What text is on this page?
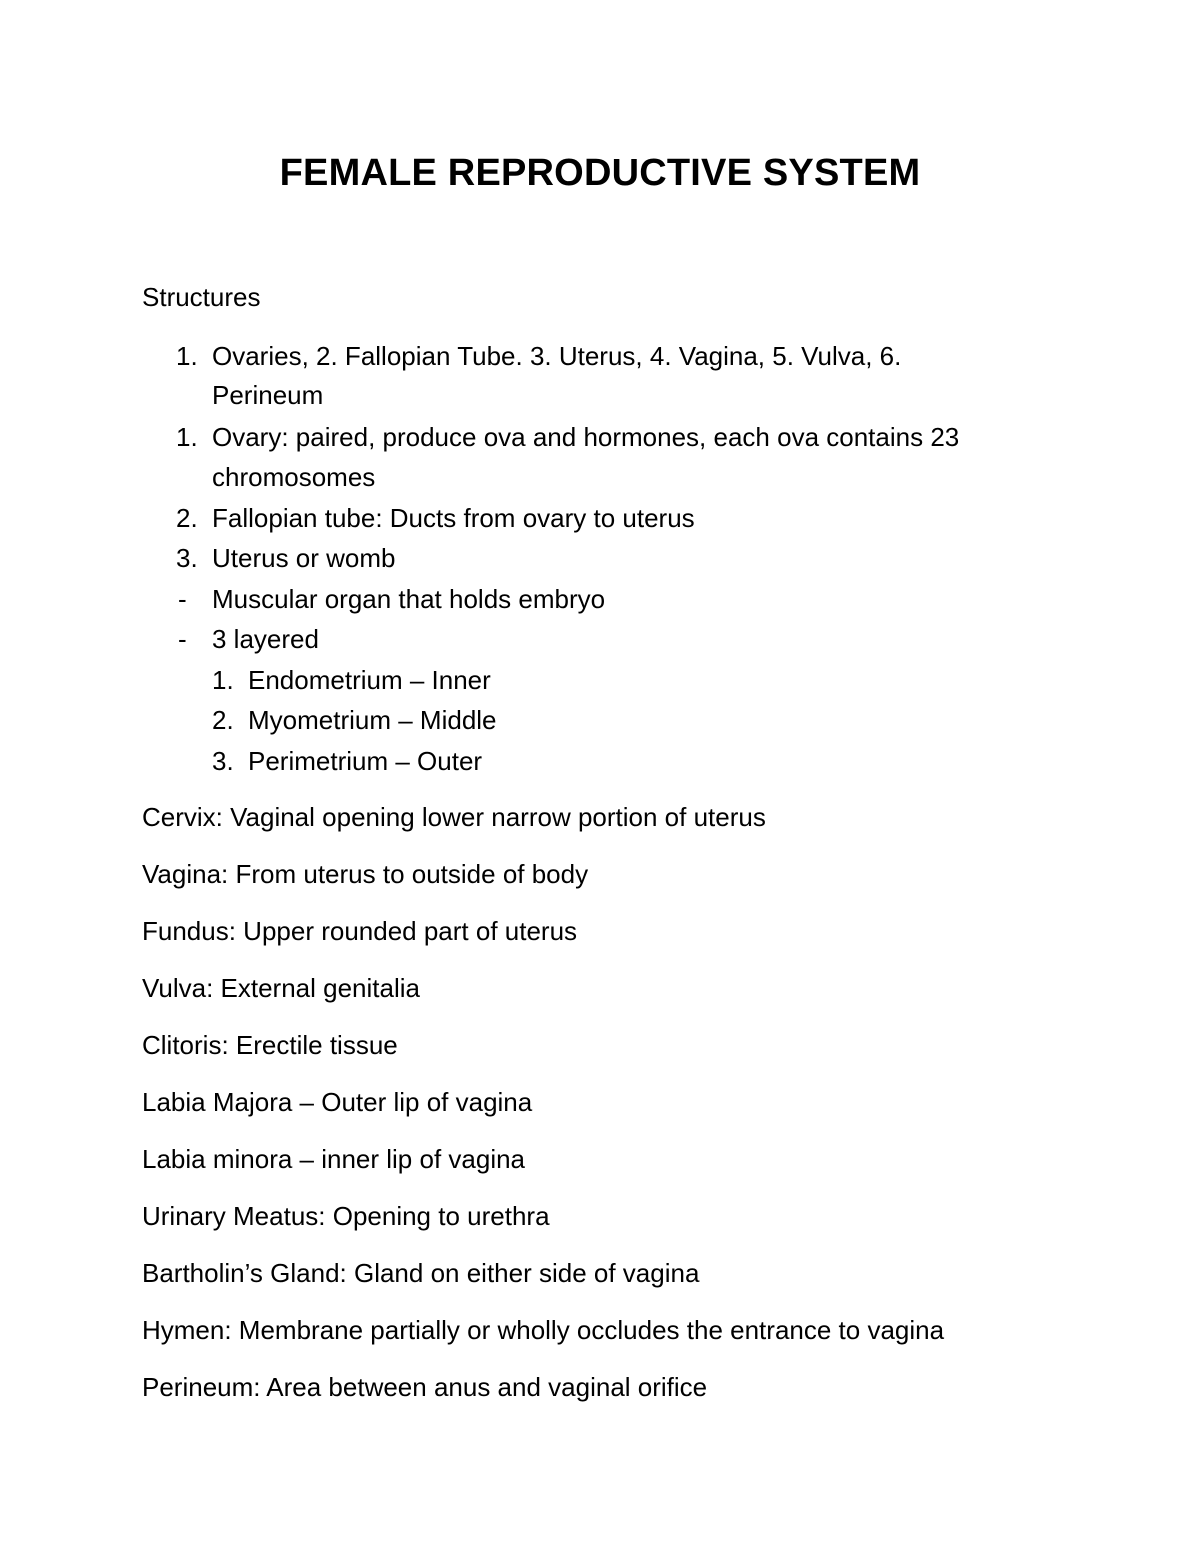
FEMALE REPRODUCTIVE SYSTEM
Structures
1. Ovaries, 2. Fallopian Tube. 3. Uterus, 4. Vagina, 5. Vulva, 6.
Perineum
1. Ovary: paired, produce ova and hormones, each ova contains 23
chromosomes
2. Fallopian tube: Ducts from ovary to uterus
3. Uterus or womb
- Muscular organ that holds embryo
- 3 layered
1. Endometrium – Inner
2. Myometrium – Middle
3. Perimetrium – Outer
Cervix: Vaginal opening lower narrow portion of uterus
Vagina: From uterus to outside of body
Fundus: Upper rounded part of uterus
Vulva: External genitalia
Clitoris: Erectile tissue
Labia Majora – Outer lip of vagina
Labia minora – inner lip of vagina
Urinary Meatus: Opening to urethra
Bartholin’s Gland: Gland on either side of vagina
Hymen: Membrane partially or wholly occludes the entrance to vagina
Perineum: Area between anus and vaginal orifice
